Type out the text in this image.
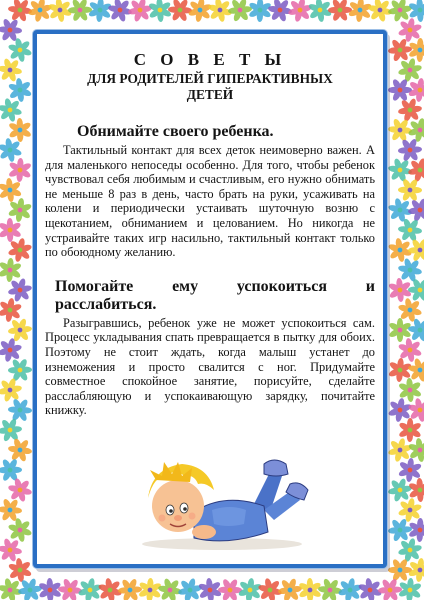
С О В Е Т Ы

ДЛЯ РОДИТЕЛЕЙ ГИПЕРАКТИВНЫХ

ДЕТЕЙ

Обнимайте своего ребенка.

Тактильный контакт для всех деток неимоверно важен. А для маленького непоседы особенно. Для того, чтобы ребенок чувствовал себя любимым и счастливым, его нужно обнимать не меньше 8 раз в день, часто брать на руки, усаживать на колени и периодически устаивать шуточную возню с щекотанием, обниманием и целованием. Но никогда не устраивайте таких игр насильно, тактильный контакт только по обоюдному желанию.

Помогайте ему успокоиться и

расслабиться.

Разыгравшись, ребенок уже не может успокоиться сам. Процесс укладывания спать превращается в пытку для обоих. Поэтому не стоит ждать, когда малыш устанет до изнеможения и просто свалится с ног. Придумайте совместное спокойное занятие, порисуйте, сделайте расслабляющую и успокаивающую зарядку, почитайте книжку.
